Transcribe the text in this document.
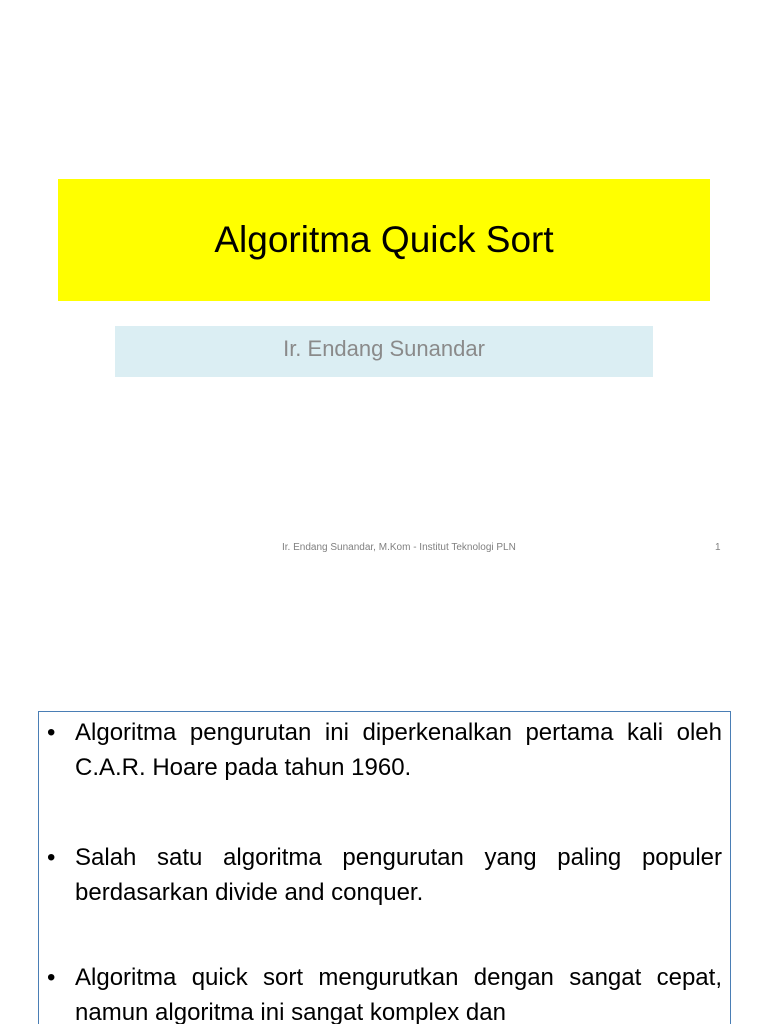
Algoritma Quick Sort
Ir. Endang Sunandar
Ir. Endang Sunandar, M.Kom - Institut Teknologi PLN	1
• Algoritma pengurutan ini diperkenalkan pertama kali oleh C.A.R. Hoare pada tahun 1960.
• Salah satu algoritma pengurutan yang paling populer berdasarkan divide and conquer.
• Algoritma quick sort mengurutkan dengan sangat cepat, namun algoritma ini sangat komplex dan
